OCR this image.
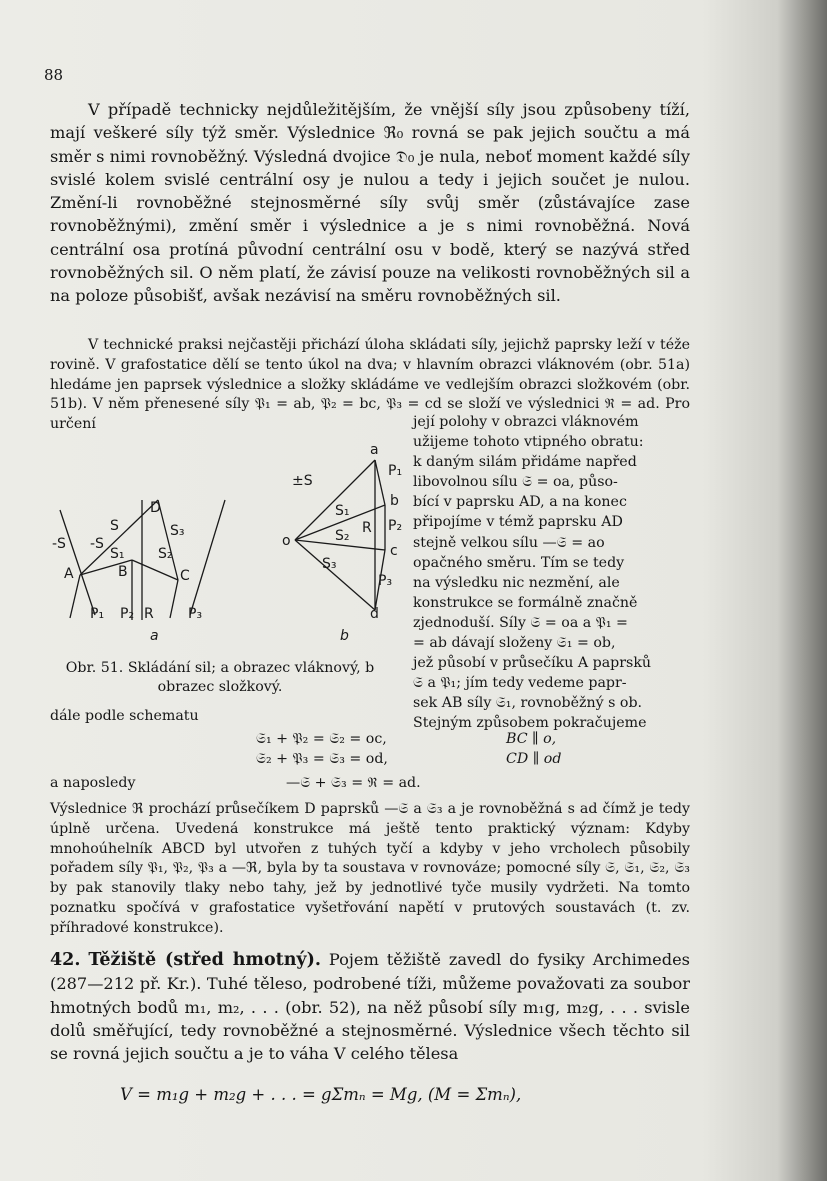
88

V případě technicky nejdůležitějším, že vnější síly jsou způsobeny tíží, mají veškeré síly týž směr. Výslednice ℜ₀ rovná se pak jejich součtu a má směr s nimi rovnoběžný. Výsledná dvojice 𝔇₀ je nula, neboť moment každé síly svislé kolem svislé centrální osy je nulou a tedy i jejich součet je nulou. Změní-li rovnoběžné stejnosměrné síly svůj směr (zůstávajíce zase rovnoběžnými), změní směr i výslednice a je s nimi rovnoběžná. Nová centrální osa protíná původní centrální osu v bodě, který se nazývá střed rovnoběžných sil. O něm platí, že závisí pouze na velikosti rovnoběžných sil a na poloze působišť, avšak nezávisí na směru rovnoběžných sil.

V technické praksi nejčastěji přichází úloha skládati síly, jejichž paprsky leží v téže rovině. V grafostatice dělí se tento úkol na dva; v hlavním obrazci vláknovém (obr. 51a) hledáme jen paprsek výslednice a složky skládáme ve vedlejším obrazci složkovém (obr. 51b). V něm přenesené síly 𝔓₁ = ab, 𝔓₂ = bc, 𝔓₃ = cd se složí ve výslednici ℜ = ad. Pro určení

-S
S
D
S₃
-S
S₁ S₂
A	B	C
P₁ P₂ R P₃
a
a
±S
P₁
b
S₁
R P₂
o	S₂
c
S₃
P₃
d
b
Obr. 51. Skládání sil; a obrazec vláknový, b obrazec složkový.
její polohy v obrazci vláknovém
užijeme tohoto vtipného obratu:
k daným silám přidáme napřed
libovolnou sílu 𝔖 = oa, půso-
bící v paprsku AD, a na konec
připojíme v témž paprsku AD
stejně velkou sílu —𝔖 = ao
opačného směru. Tím se tedy
na výsledku nic nezmění, ale
konstrukce se formálně značně
zjednoduší. Síly 𝔖 = oa a 𝔓₁ =
= ab dávají složeny 𝔖₁ = ob,
jež působí v průsečíku A paprsků
𝔖 a 𝔓₁; jím tedy vedeme papr-
sek AB síly 𝔖₁, rovnoběžný s ob.
Stejným způsobem pokračujeme
dále podle schematu
𝔖₁ + 𝔓₂ = 𝔖₂ = oc,	BC ∥ o,
𝔖₂ + 𝔓₃ = 𝔖₃ = od,	CD ∥ od
a naposledy	—𝔖 + 𝔖₃ = ℜ = ad.

Výslednice ℜ prochází průsečíkem D paprsků —𝔖 a 𝔖₃ a je rovnoběžná s ad čímž je tedy úplně určena. Uvedená konstrukce má ještě tento praktický význam: Kdyby mnohoúhelník ABCD byl utvořen z tuhých tyčí a kdyby v jeho vrcholech působily pořadem síly 𝔓₁, 𝔓₂, 𝔓₃ a —ℜ, byla by ta soustava v rovnováze; pomocné síly 𝔖, 𝔖₁, 𝔖₂, 𝔖₃ by pak stanovily tlaky nebo tahy, jež by jednotlivé tyče musily vydržeti. Na tomto poznatku spočívá v grafostatice vyšetřování napětí v prutových soustavách (t. zv. příhradové konstrukce).

42. Těžiště (střed hmotný). Pojem těžiště zavedl do fysiky Archimedes (287—212 př. Kr.). Tuhé těleso, podrobené tíži, můžeme považovati za soubor hmotných bodů m₁, m₂, . . . (obr. 52), na něž působí síly m₁g, m₂g, . . . svisle dolů směřující, tedy rovnoběžné a stejnosměrné. Výslednice všech těchto sil se rovná jejich součtu a je to váha V celého tělesa
V = m₁g + m₂g + . . . = gΣmₙ = Mg, (M = Σmₙ),
